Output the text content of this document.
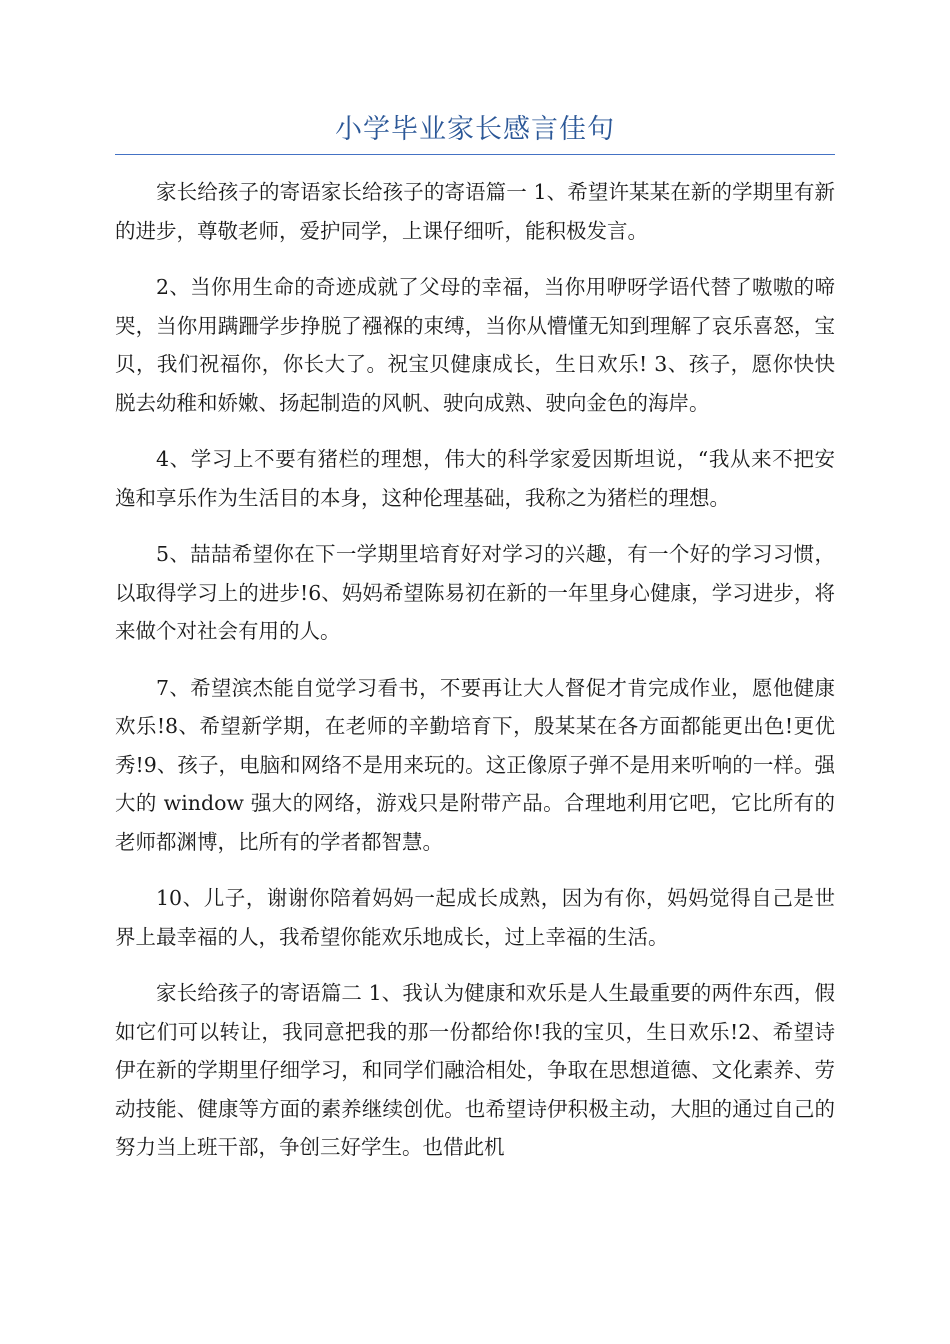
小学毕业家长感言佳句

家长给孩子的寄语家长给孩子的寄语篇一 1、希望许某某在新的学期里有新的进步，尊敬老师，爱护同学，上课仔细听，能积极发言。

2、当你用生命的奇迹成就了父母的幸福，当你用咿呀学语代替了嗷嗷的啼哭，当你用蹒跚学步挣脱了襁褓的束缚，当你从懵懂无知到理解了哀乐喜怒，宝贝，我们祝福你，你长大了。祝宝贝健康成长，生日欢乐! 3、孩子，愿你快快脱去幼稚和娇嫩、扬起制造的风帆、驶向成熟、驶向金色的海岸。

4、学习上不要有猪栏的理想，伟大的科学家爱因斯坦说，“我从来不把安逸和享乐作为生活目的本身，这种伦理基础，我称之为猪栏的理想。

5、喆喆希望你在下一学期里培育好对学习的兴趣，有一个好的学习习惯，以取得学习上的进步!6、妈妈希望陈易初在新的一年里身心健康，学习进步，将来做个对社会有用的人。

7、希望滨杰能自觉学习看书，不要再让大人督促才肯完成作业，愿他健康欢乐!8、希望新学期，在老师的辛勤培育下，殷某某在各方面都能更出色!更优秀!9、孩子，电脑和网络不是用来玩的。这正像原子弹不是用来听响的一样。强大的 window 强大的网络，游戏只是附带产品。合理地利用它吧，它比所有的老师都渊博，比所有的学者都智慧。

10、儿子，谢谢你陪着妈妈一起成长成熟，因为有你，妈妈觉得自己是世界上最幸福的人，我希望你能欢乐地成长，过上幸福的生活。

家长给孩子的寄语篇二 1、我认为健康和欢乐是人生最重要的两件东西，假如它们可以转让，我同意把我的那一份都给你!我的宝贝，生日欢乐!2、希望诗伊在新的学期里仔细学习，和同学们融洽相处，争取在思想道德、文化素养、劳动技能、健康等方面的素养继续创优。也希望诗伊积极主动，大胆的通过自己的努力当上班干部，争创三好学生。也借此机
